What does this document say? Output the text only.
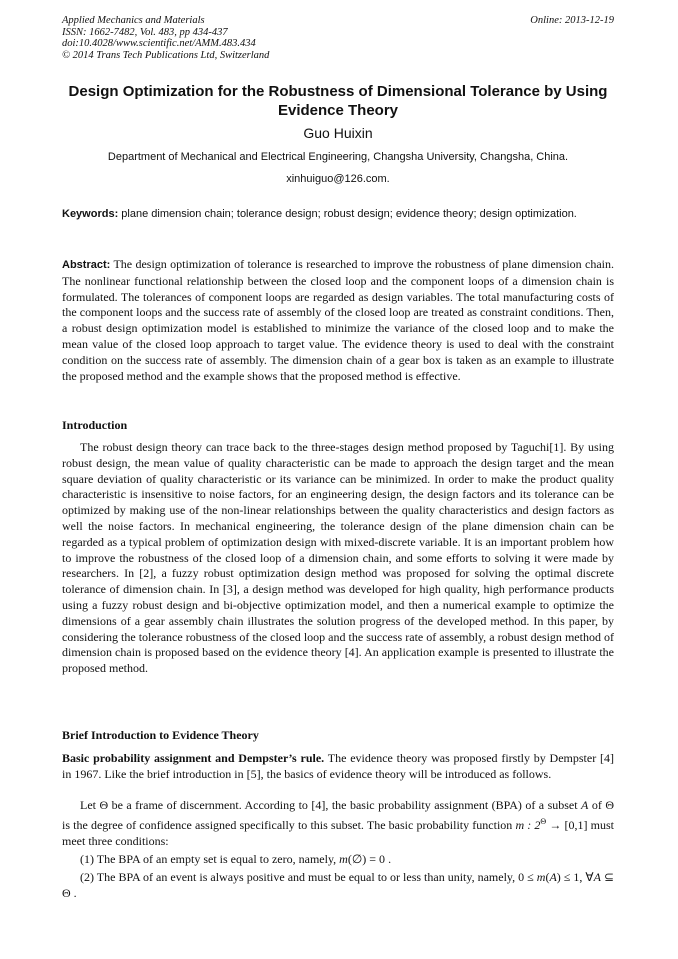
Applied Mechanics and Materials
ISSN: 1662-7482, Vol. 483, pp 434-437
doi:10.4028/www.scientific.net/AMM.483.434
© 2014 Trans Tech Publications Ltd, Switzerland
Online: 2013-12-19
Design Optimization for the Robustness of Dimensional Tolerance by Using Evidence Theory
Guo Huixin
Department of Mechanical and Electrical Engineering, Changsha University, Changsha, China.
xinhuiguo@126.com.
Keywords: plane dimension chain; tolerance design; robust design; evidence theory; design optimization.
Abstract: The design optimization of tolerance is researched to improve the robustness of plane dimension chain. The nonlinear functional relationship between the closed loop and the component loops of a dimension chain is formulated. The tolerances of component loops are regarded as design variables. The total manufacturing costs of the component loops and the success rate of assembly of the closed loop are treated as constraint conditions. Then, a robust design optimization model is established to minimize the variance of the closed loop and to make the mean value of the closed loop approach to target value. The evidence theory is used to deal with the constraint condition on the success rate of assembly. The dimension chain of a gear box is taken as an example to illustrate the proposed method and the example shows that the proposed method is effective.
Introduction
The robust design theory can trace back to the three-stages design method proposed by Taguchi[1]. By using robust design, the mean value of quality characteristic can be made to approach the design target and the mean square deviation of quality characteristic or its variance can be minimized. In order to make the product quality characteristic is insensitive to noise factors, for an engineering design, the design factors and its tolerance can be optimized by making use of the non-linear relationships between the quality characteristics and design factors as well the noise factors. In mechanical engineering, the tolerance design of the plane dimension chain can be regarded as a typical problem of optimization design with mixed-discrete variable. It is an important problem how to improve the robustness of the closed loop of a dimension chain, and some efforts to solving it were made by researchers. In [2], a fuzzy robust optimization design method was proposed for solving the optimal discrete tolerance of dimension chain. In [3], a design method was developed for high quality, high performance products using a fuzzy robust design and bi-objective optimization model, and then a numerical example to optimize the dimensions of a gear assembly chain illustrates the solution progress of the developed method. In this paper, by considering the tolerance robustness of the closed loop and the success rate of assembly, a robust design method of dimension chain is proposed based on the evidence theory [4]. An application example is presented to illustrate the proposed method.
Brief Introduction to Evidence Theory
Basic probability assignment and Dempster’s rule. The evidence theory was proposed firstly by Dempster [4] in 1967. Like the brief introduction in [5], the basics of evidence theory will be introduced as follows.
Let Θ be a frame of discernment. According to [4], the basic probability assignment (BPA) of a subset A of Θ is the degree of confidence assigned specifically to this subset. The basic probability function m : $2^\Theta \to [0,1]$ must meet three conditions:
(1) The BPA of an empty set is equal to zero, namely, m(∅) = 0 .
(2) The BPA of an event is always positive and must be equal to or less than unity, namely, 0 ≤ m(A) ≤ 1, ∀A ⊆ Θ .
